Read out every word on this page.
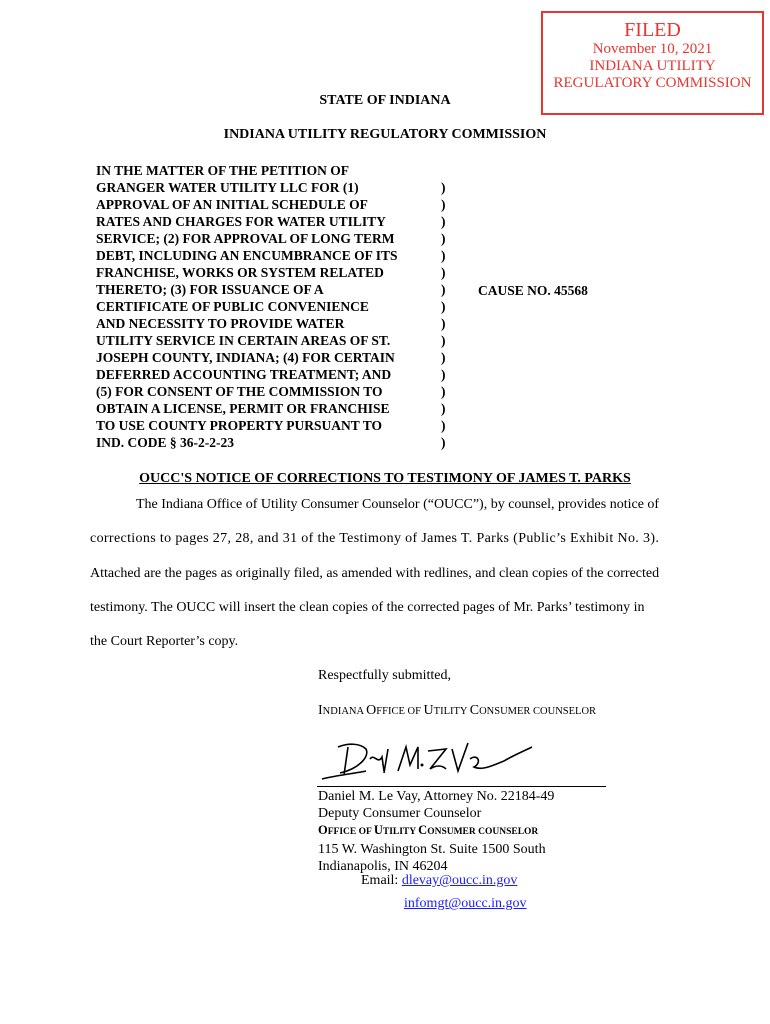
FILED
November 10, 2021
INDIANA UTILITY
REGULATORY COMMISSION
STATE OF INDIANA
INDIANA UTILITY REGULATORY COMMISSION
IN THE MATTER OF THE PETITION OF
GRANGER WATER UTILITY LLC FOR (1)
APPROVAL OF AN INITIAL SCHEDULE OF
RATES AND CHARGES FOR WATER UTILITY
SERVICE; (2) FOR APPROVAL OF LONG TERM
DEBT, INCLUDING AN ENCUMBRANCE OF ITS
FRANCHISE, WORKS OR SYSTEM RELATED
THERETO; (3) FOR ISSUANCE OF A
CERTIFICATE OF PUBLIC CONVENIENCE
AND NECESSITY TO PROVIDE WATER
UTILITY SERVICE IN CERTAIN AREAS OF ST.
JOSEPH COUNTY, INDIANA; (4) FOR CERTAIN
DEFERRED ACCOUNTING TREATMENT; AND
(5) FOR CONSENT OF THE COMMISSION TO
OBTAIN A LICENSE, PERMIT OR FRANCHISE
TO USE COUNTY PROPERTY PURSUANT TO
IND. CODE § 36-2-2-23
)
)
)
)
)
)
)
)
)
)
)
)
)
)
)
)
CAUSE NO. 45568
OUCC'S NOTICE OF CORRECTIONS TO TESTIMONY OF JAMES T. PARKS
The Indiana Office of Utility Consumer Counselor (“OUCC”), by counsel, provides notice of
corrections to pages 27, 28, and 31 of the Testimony of James T. Parks (Public’s Exhibit No. 3).
Attached are the pages as originally filed, as amended with redlines, and clean copies of the corrected
testimony. The OUCC will insert the clean copies of the corrected pages of Mr. Parks’ testimony in
the Court Reporter’s copy.
Respectfully submitted,
INDIANA OFFICE OF UTILITY CONSUMER COUNSELOR
Daniel M. Le Vay, Attorney No. 22184-49
Deputy Consumer Counselor
OFFICE OF UTILITY CONSUMER COUNSELOR
115 W. Washington St. Suite 1500 South
Indianapolis, IN 46204
Email: dlevay@oucc.in.gov
infomgt@oucc.in.gov
